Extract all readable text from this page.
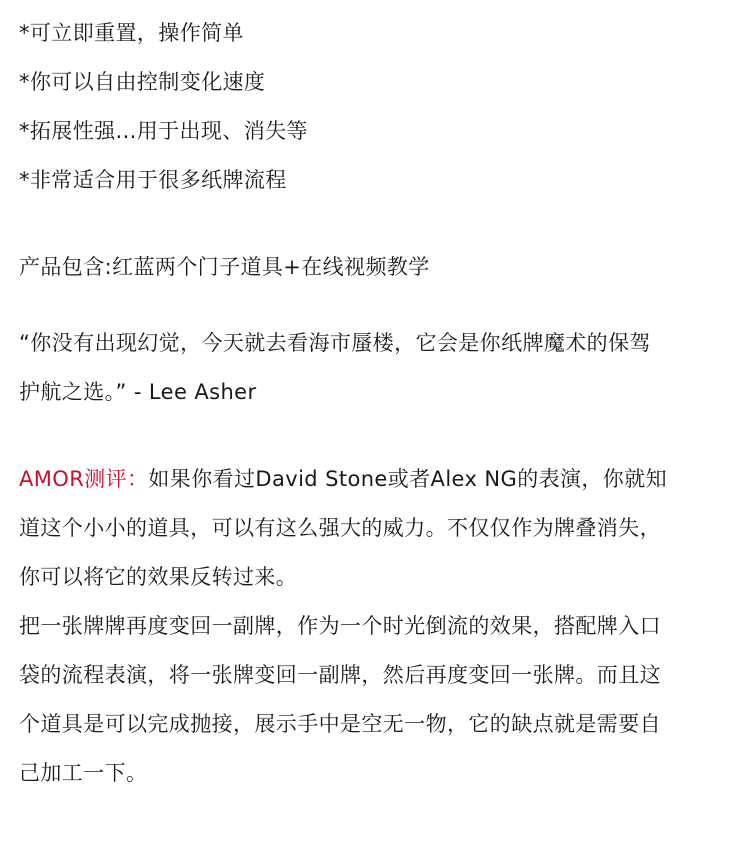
*可立即重置，操作简单
*你可以自由控制变化速度
*拓展性强...用于出现、消失等
*非常适合用于很多纸牌流程
产品包含:红蓝两个门子道具+在线视频教学
“你没有出现幻觉，今天就去看海市蜃楼，它会是你纸牌魔术的保驾
护航之选。” - Lee Asher
AMOR测评：如果你看过David Stone或者Alex NG的表演，你就知
道这个小小的道具，可以有这么强大的威力。不仅仅作为牌叠消失，
你可以将它的效果反转过来。
把一张牌牌再度变回一副牌，作为一个时光倒流的效果，搭配牌入口
袋的流程表演，将一张牌变回一副牌，然后再度变回一张牌。而且这
个道具是可以完成抛接，展示手中是空无一物，它的缺点就是需要自
己加工一下。
